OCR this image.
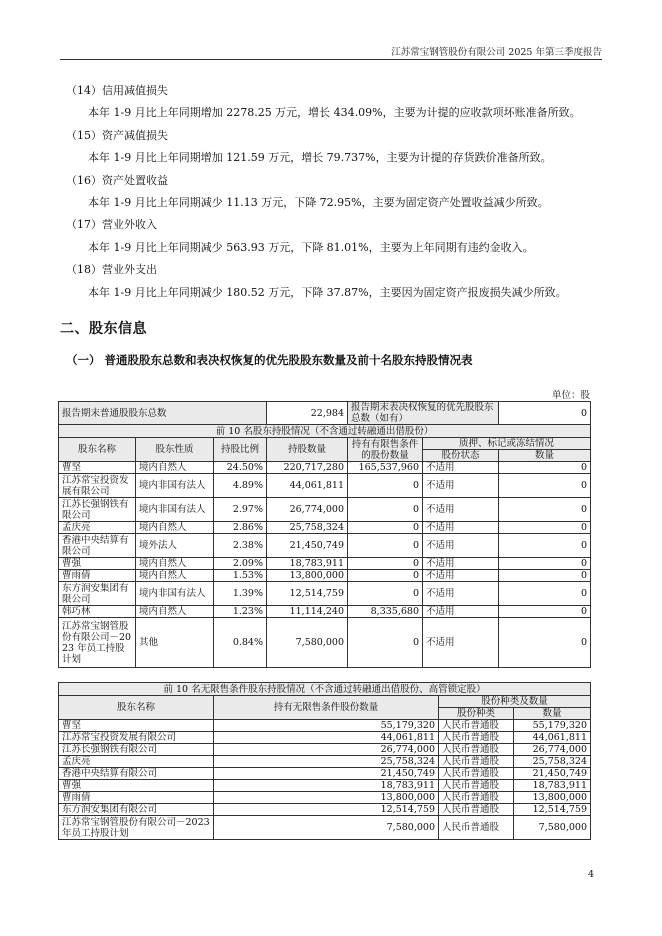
江苏常宝钢管股份有限公司 2025 年第三季度报告
（14）信用减值损失
本年 1-9 月比上年同期增加 2278.25 万元，增长 434.09%，主要为计提的应收款项坏账准备所致。
（15）资产减值损失
本年 1-9 月比上年同期增加 121.59 万元，增长 79.737%，主要为计提的存货跌价准备所致。
（16）资产处置收益
本年 1-9 月比上年同期减少 11.13 万元，下降 72.95%，主要为固定资产处置收益减少所致。
（17）营业外收入
本年 1-9 月比上年同期减少 563.93 万元，下降 81.01%，主要为上年同期有违约金收入。
（18）营业外支出
本年 1-9 月比上年同期减少 180.52 万元，下降 37.87%，主要因为固定资产报废损失减少所致。
二、股东信息
（一） 普通股股东总数和表决权恢复的优先股股东数量及前十名股东持股情况表
单位：股
报告期末普通股股东总数			22,984	报告期末表决权恢复的优先股股东总数（如有）		0
前 10 名股东持股情况（不含通过转融通出借股份）						
股东名称	股东性质	持股比例	持股数量	持有有限售条件的股份数量	质押、标记或冻结情况	
					股份状态	数量
曹坚	境内自然人	24.50%	220,717,280	165,537,960	不适用	0
江苏常宝投资发展有限公司	境内非国有法人	4.89%	44,061,811	0	不适用	0
江苏长强钢铁有限公司	境内非国有法人	2.97%	26,774,000	0	不适用	0
孟庆亮	境内自然人	2.86%	25,758,324	0	不适用	0
香港中央结算有限公司	境外法人	2.38%	21,450,749	0	不适用	0
曹强	境内自然人	2.09%	18,783,911	0	不适用	0
曹雨倩	境内自然人	1.53%	13,800,000	0	不适用	0
东方润安集团有限公司	境内非国有法人	1.39%	12,514,759	0	不适用	0
韩巧林	境内自然人	1.23%	11,114,240	8,335,680	不适用	0
江苏常宝钢管股份有限公司－2023 年员工持股计划	其他	0.84%	7,580,000	0	不适用	0
前 10 名无限售条件股东持股情况（不含通过转融通出借股份、高管锁定股）			
股东名称	持有无限售条件股份数量	股份种类及数量	
		股份种类	数量
曹坚	55,179,320	人民币普通股	55,179,320
江苏常宝投资发展有限公司	44,061,811	人民币普通股	44,061,811
江苏长强钢铁有限公司	26,774,000	人民币普通股	26,774,000
孟庆亮	25,758,324	人民币普通股	25,758,324
香港中央结算有限公司	21,450,749	人民币普通股	21,450,749
曹强	18,783,911	人民币普通股	18,783,911
曹雨倩	13,800,000	人民币普通股	13,800,000
东方润安集团有限公司	12,514,759	人民币普通股	12,514,759
江苏常宝钢管股份有限公司－2023 年员工持股计划	7,580,000	人民币普通股	7,580,000
4
